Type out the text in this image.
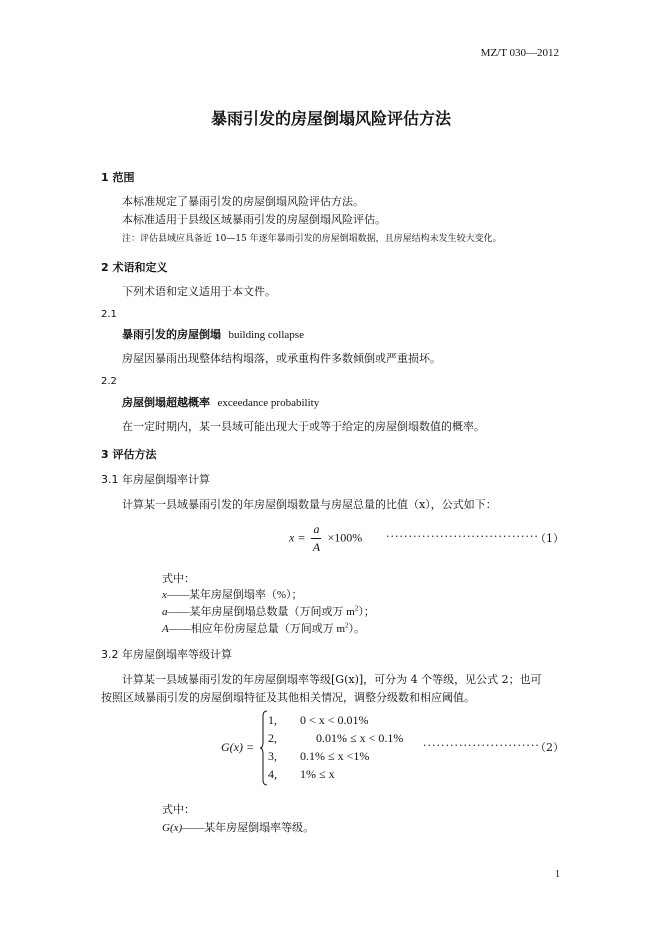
MZ/T 030—2012
暴雨引发的房屋倒塌风险评估方法
1 范围
本标准规定了暴雨引发的房屋倒塌风险评估方法。
本标准适用于县级区域暴雨引发的房屋倒塌风险评估。
注：评估县域应具备近 10—15 年逐年暴雨引发的房屋倒塌数据，且房屋结构未发生较大变化。
2 术语和定义
下列术语和定义适用于本文件。
2.1
暴雨引发的房屋倒塌 building collapse
房屋因暴雨出现整体结构塌落，或承重构件多数倾倒或严重损坏。
2.2
房屋倒塌超越概率 exceedance probability
在一定时期内，某一县域可能出现大于或等于给定的房屋倒塌数值的概率。
3 评估方法
3.1 年房屋倒塌率计算
计算某一县域暴雨引发的年房屋倒塌数量与房屋总量的比值（x），公式如下：
$x = \frac{a}{A} \times 100\%$ ··································
（1）
式中：
x——某年房屋倒塌率（%）；
a——某年房屋倒塌总数量（万间或万 $m^2$）；
A——相应年份房屋总量（万间或万 $m^2$）。
3.2 年房屋倒塌率等级计算
计算某一县域暴雨引发的年房屋倒塌率等级[G(x)]，可分为 4 个等级，见公式 2；也可
按照区域暴雨引发的房屋倒塌特征及其他相关情况，调整分级数和相应阈值。
G(x) =
1, 0 < x < 0.01%
2,	0.01% ≤ x < 0.1%
3, 0.1% ≤ x <1%
4, 1% ≤ x
··························
（2）
式中：
G(x)——某年房屋倒塌率等级。
1
